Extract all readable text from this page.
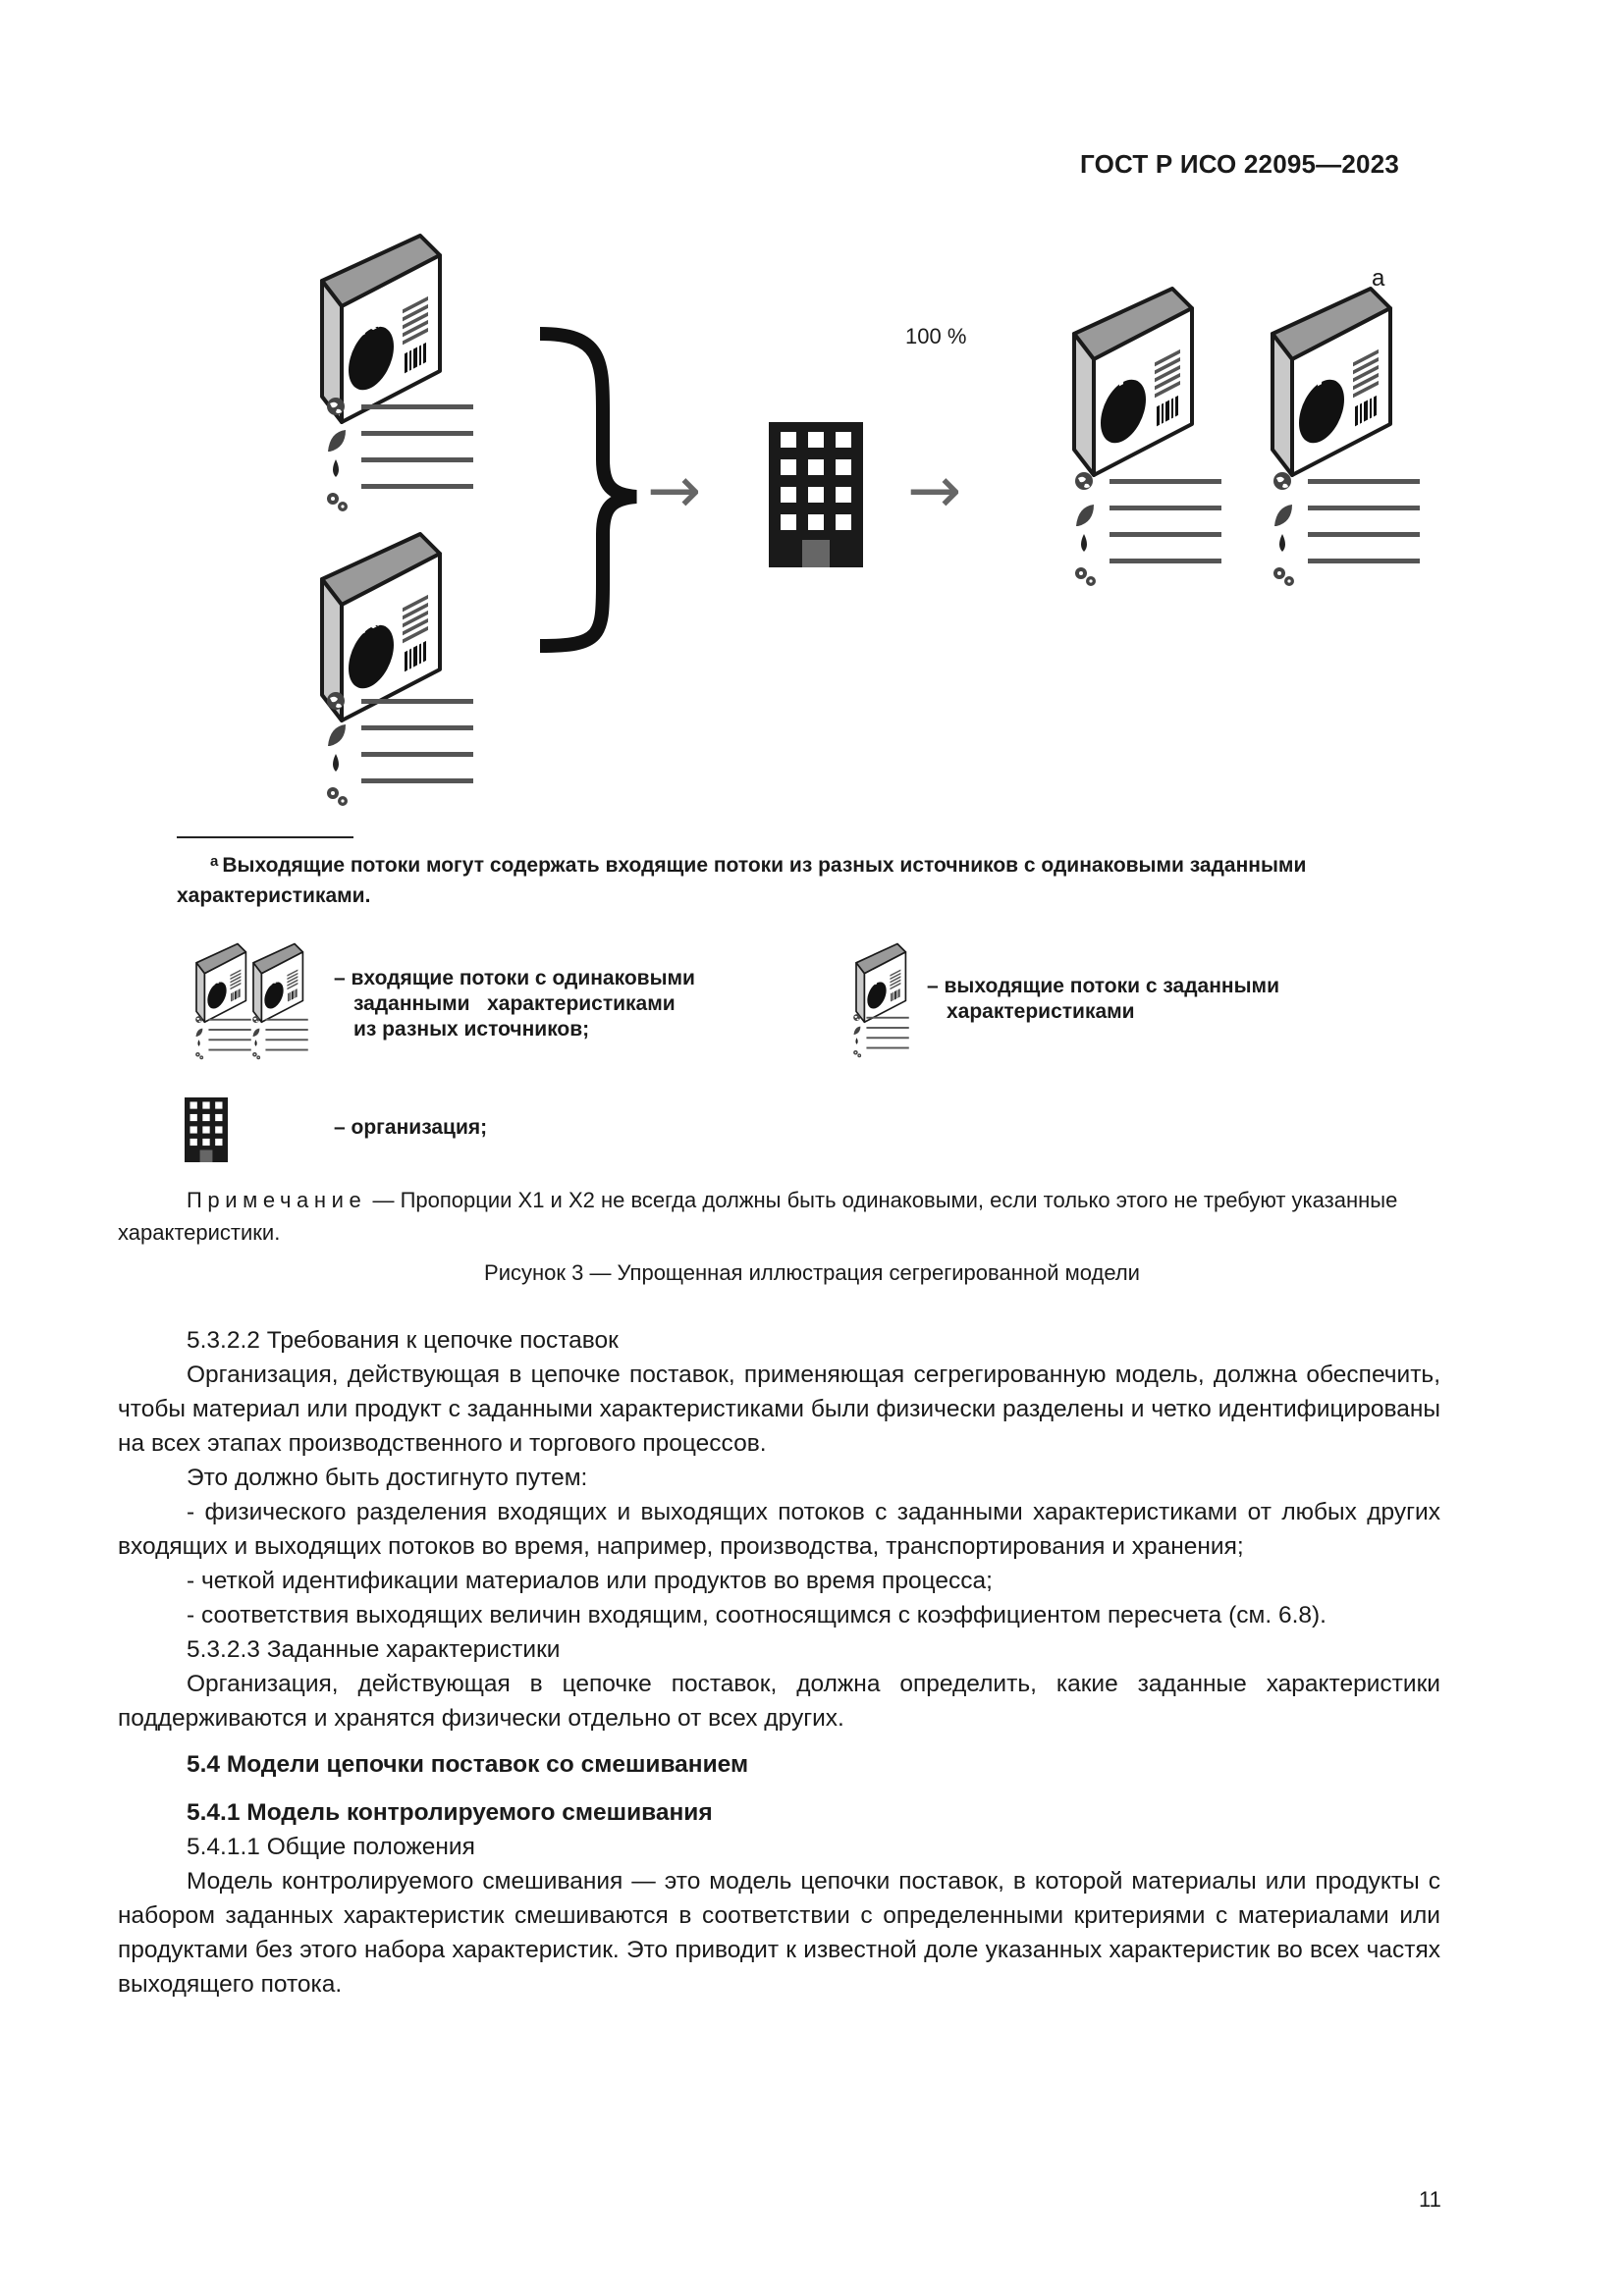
ГОСТ Р ИСО 22095—2023
X1
X2
→	→
100 %
X	X
a
$^a$ Выходящие потоки могут содержать входящие потоки из разных источников с одинаковыми заданными характеристиками.
X1 X2 – входящие потоки с одинаковыми
заданными   характеристиками
из разных источников;
X – выходящие потоки с заданными
характеристиками
– организация;
Примечание — Пропорции X1 и X2 не всегда должны быть одинаковыми, если только этого не требуют указанные характеристики.
Рисунок 3 — Упрощенная иллюстрация сегрегированной модели

5.3.2.2 Требования к цепочке поставок

Организация, действующая в цепочке поставок, применяющая сегрегированную модель, должна обеспечить, чтобы материал или продукт с заданными характеристиками были физически разделены и четко идентифицированы на всех этапах производственного и торгового процессов.

Это должно быть достигнуто путем:

- физического разделения входящих и выходящих потоков с заданными характеристиками от любых других входящих и выходящих потоков во время, например, производства, транспортирования и хранения;

- четкой идентификации материалов или продуктов во время процесса;

- соответствия выходящих величин входящим, соотносящимся с коэффициентом пересчета (см. 6.8).

5.3.2.3 Заданные характеристики

Организация, действующая в цепочке поставок, должна определить, какие заданные характеристики поддерживаются и хранятся физически отдельно от всех других.

5.4 Модели цепочки поставок со смешиванием

5.4.1 Модель контролируемого смешивания

5.4.1.1 Общие положения

Модель контролируемого смешивания — это модель цепочки поставок, в которой материалы или продукты с набором заданных характеристик смешиваются в соответствии с определенными критериями с материалами или продуктами без этого набора характеристик. Это приводит к известной доле указанных характеристик во всех частях выходящего потока.

11
